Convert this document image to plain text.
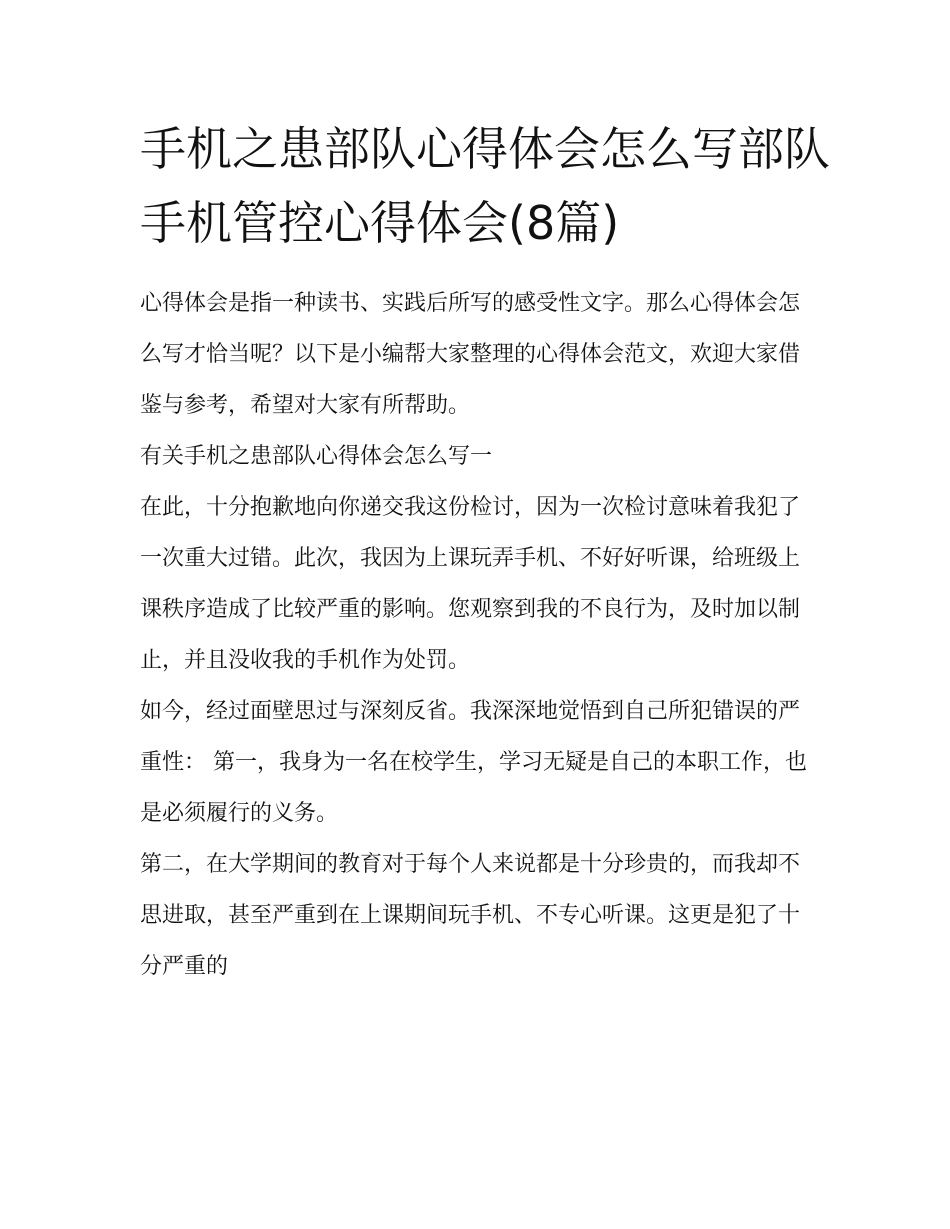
手机之患部队心得体会怎么写部队手机管控心得体会(8篇)

心得体会是指一种读书、实践后所写的感受性文字。那么心得体会怎么写才恰当呢？以下是小编帮大家整理的心得体会范文，欢迎大家借鉴与参考，希望对大家有所帮助。

有关手机之患部队心得体会怎么写一

在此，十分抱歉地向你递交我这份检讨，因为一次检讨意味着我犯了一次重大过错。此次，我因为上课玩弄手机、不好好听课，给班级上课秩序造成了比较严重的影响。您观察到我的不良行为，及时加以制止，并且没收我的手机作为处罚。

如今，经过面壁思过与深刻反省。我深深地觉悟到自己所犯错误的严重性： 第一，我身为一名在校学生，学习无疑是自己的本职工作，也是必须履行的义务。

第二，在大学期间的教育对于每个人来说都是十分珍贵的，而我却不思进取，甚至严重到在上课期间玩手机、不专心听课。这更是犯了十分严重的
